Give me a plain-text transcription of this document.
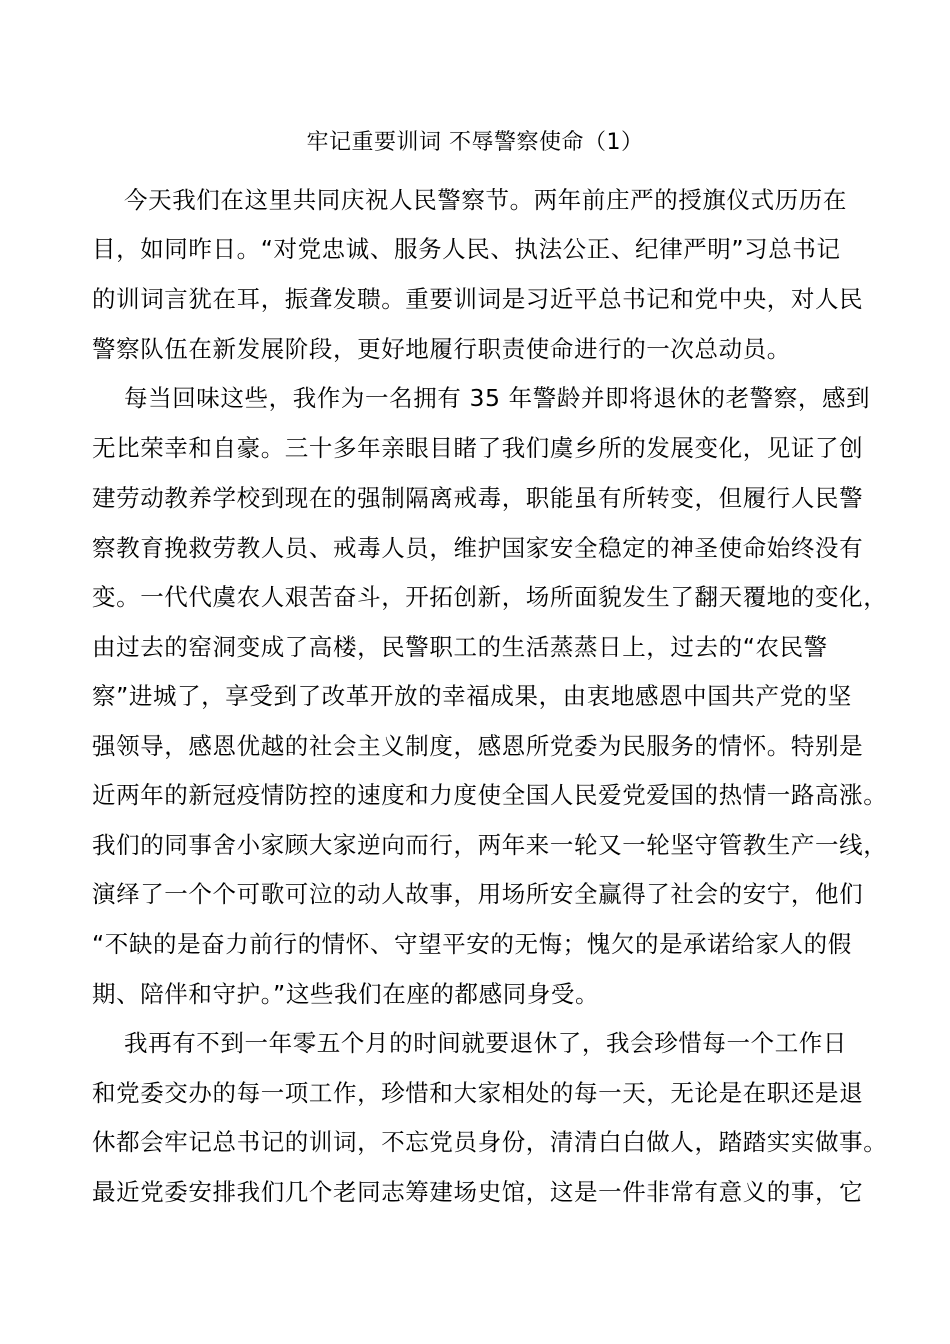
牢记重要训词 不辱警察使命（1）
今天我们在这里共同庆祝人民警察节。两年前庄严的授旗仪式历历在
目，如同昨日。“对党忠诚、服务人民、执法公正、纪律严明”习总书记
的训词言犹在耳，振聋发聩。重要训词是习近平总书记和党中央，对人民
警察队伍在新发展阶段，更好地履行职责使命进行的一次总动员。
每当回味这些，我作为一名拥有 35 年警龄并即将退休的老警察，感到
无比荣幸和自豪。三十多年亲眼目睹了我们虞乡所的发展变化，见证了创
建劳动教养学校到现在的强制隔离戒毒，职能虽有所转变，但履行人民警
察教育挽救劳教人员、戒毒人员，维护国家安全稳定的神圣使命始终没有
变。一代代虞农人艰苦奋斗，开拓创新，场所面貌发生了翻天覆地的变化，
由过去的窑洞变成了高楼，民警职工的生活蒸蒸日上，过去的“农民警
察”进城了，享受到了改革开放的幸福成果，由衷地感恩中国共产党的坚
强领导，感恩优越的社会主义制度，感恩所党委为民服务的情怀。特别是
近两年的新冠疫情防控的速度和力度使全国人民爱党爱国的热情一路高涨。
我们的同事舍小家顾大家逆向而行，两年来一轮又一轮坚守管教生产一线，
演绎了一个个可歌可泣的动人故事，用场所安全赢得了社会的安宁，他们
“不缺的是奋力前行的情怀、守望平安的无悔；愧欠的是承诺给家人的假
期、陪伴和守护。”这些我们在座的都感同身受。
我再有不到一年零五个月的时间就要退休了，我会珍惜每一个工作日
和党委交办的每一项工作，珍惜和大家相处的每一天，无论是在职还是退
休都会牢记总书记的训词，不忘党员身份，清清白白做人，踏踏实实做事。
最近党委安排我们几个老同志筹建场史馆，这是一件非常有意义的事，它
